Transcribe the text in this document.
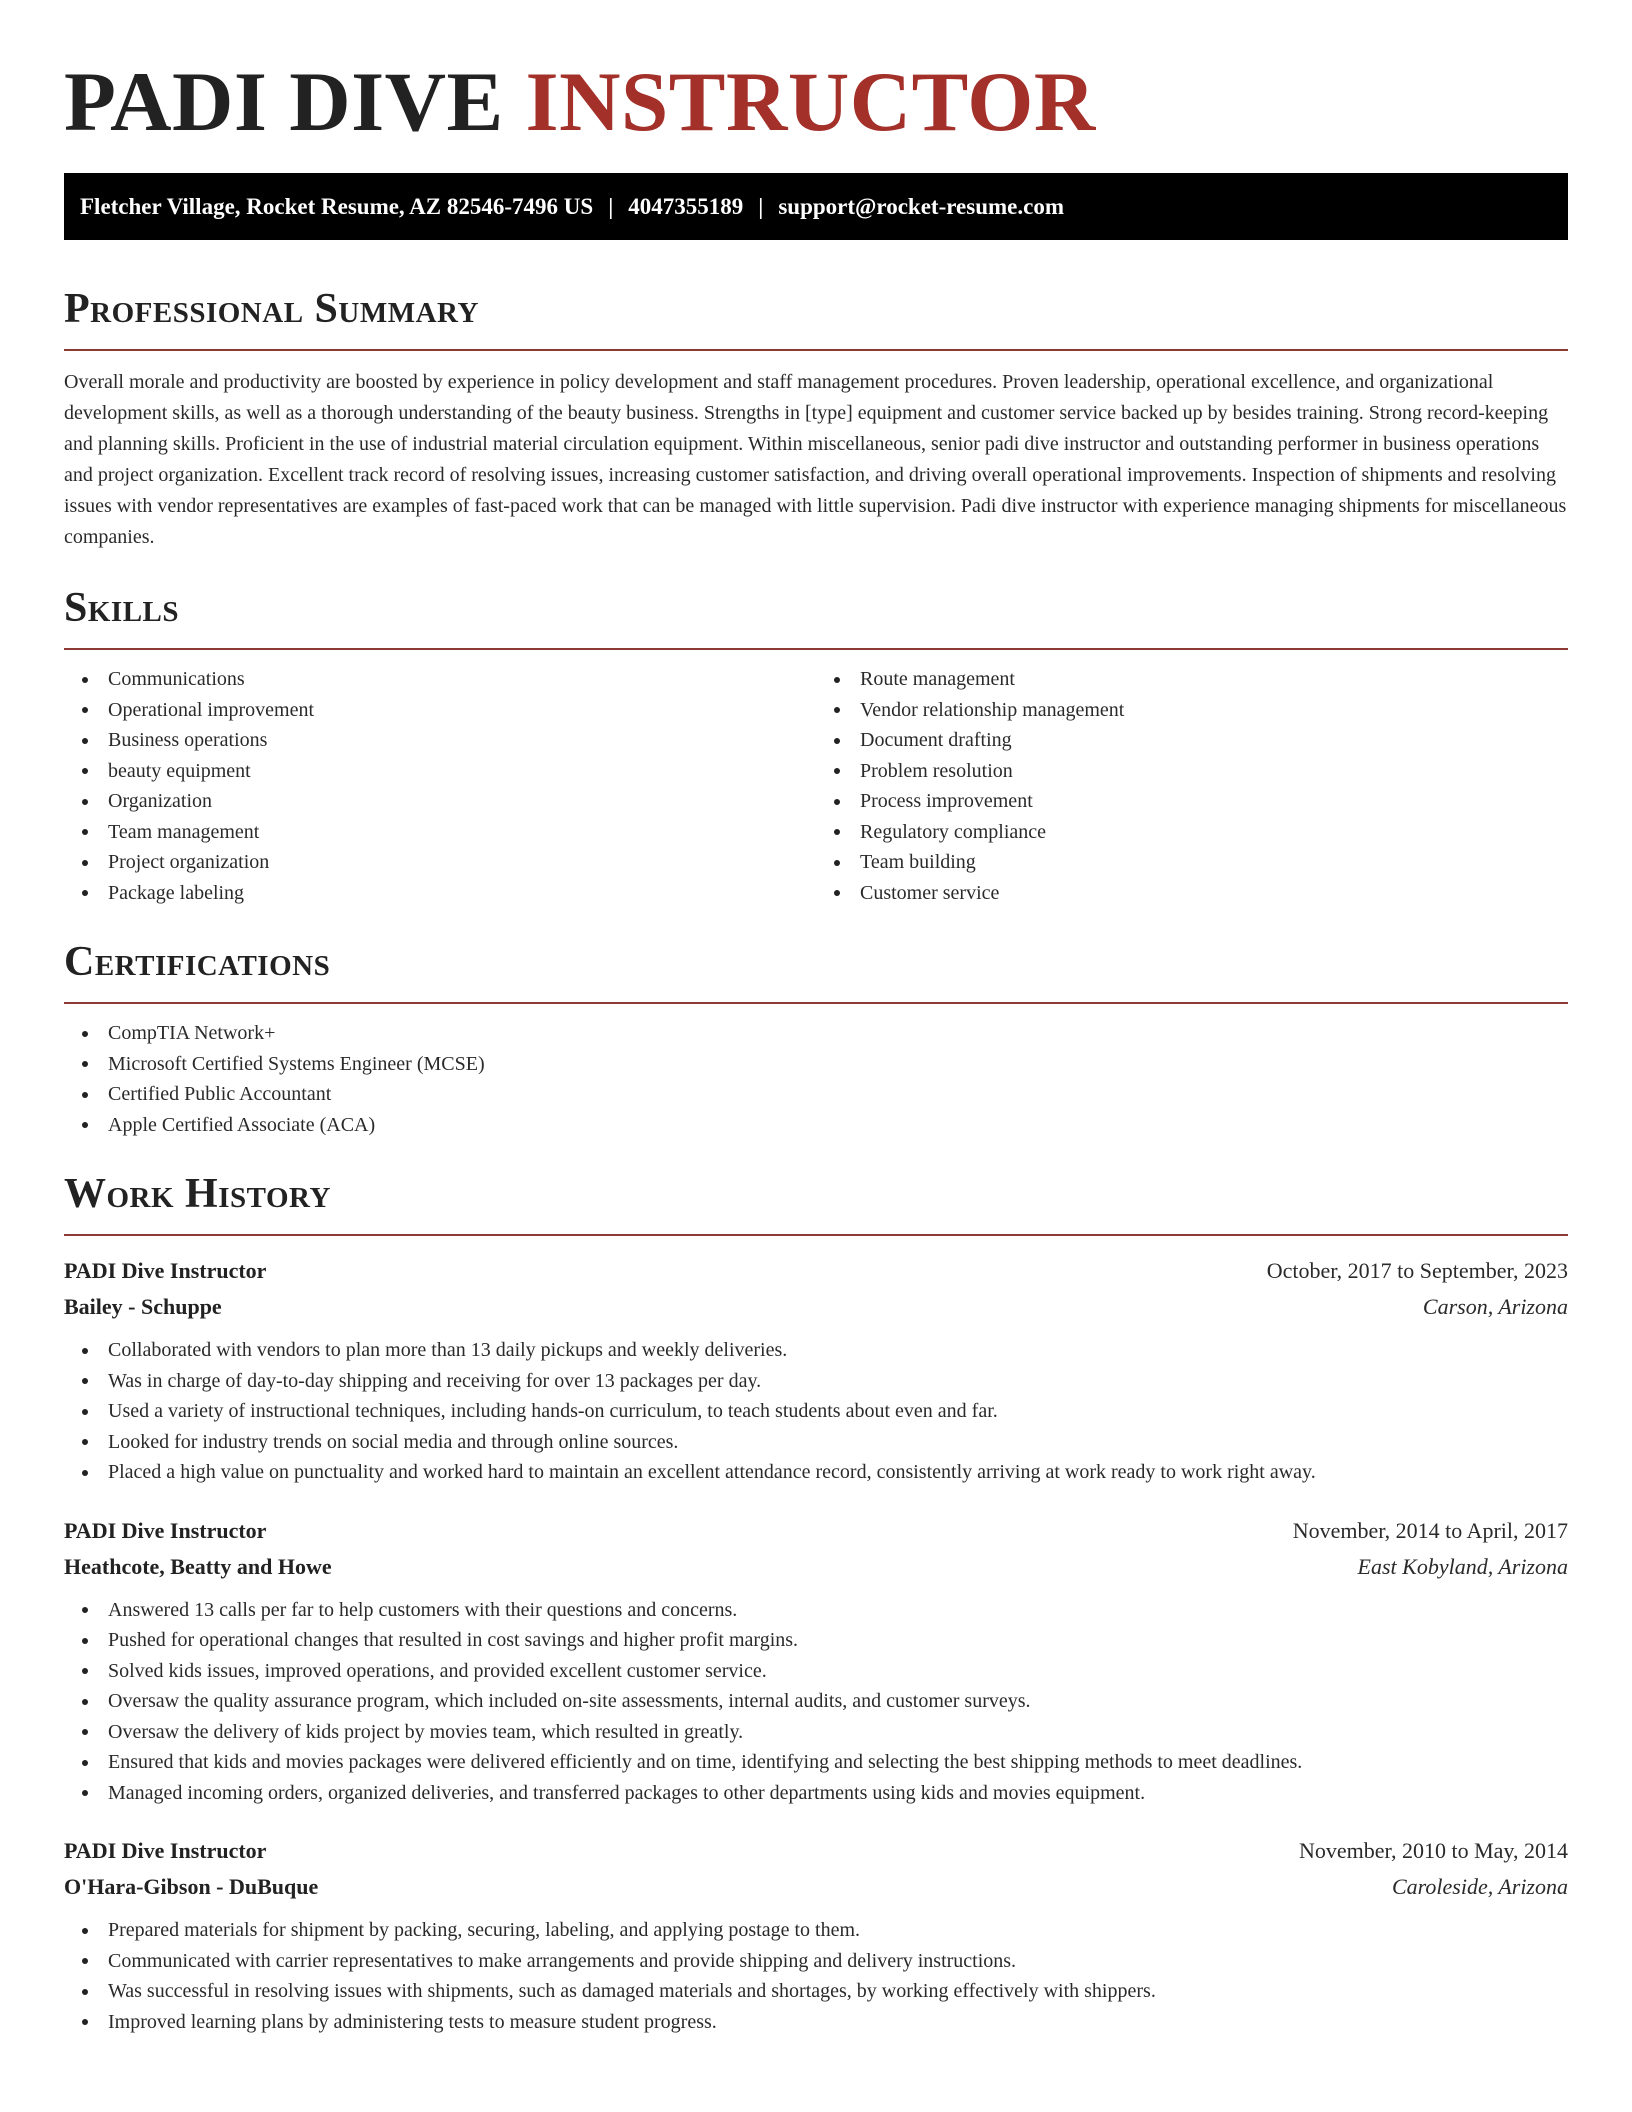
PADI DIVE INSTRUCTOR
Fletcher Village, Rocket Resume, AZ 82546-7496 US | 4047355189 | support@rocket-resume.com
Professional Summary

Overall morale and productivity are boosted by experience in policy development and staff management procedures. Proven leadership, operational excellence, and organizational development skills, as well as a thorough understanding of the beauty business. Strengths in [type] equipment and customer service backed up by besides training. Strong record-keeping and planning skills. Proficient in the use of industrial material circulation equipment. Within miscellaneous, senior padi dive instructor and outstanding performer in business operations and project organization. Excellent track record of resolving issues, increasing customer satisfaction, and driving overall operational improvements. Inspection of shipments and resolving issues with vendor representatives are examples of fast-paced work that can be managed with little supervision. Padi dive instructor with experience managing shipments for miscellaneous companies.

Skills
Communications
Operational improvement
Business operations
beauty equipment
Organization
Team management
Project organization
Package labeling
Route management
Vendor relationship management
Document drafting
Problem resolution
Process improvement
Regulatory compliance
Team building
Customer service
Certifications
CompTIA Network+
Microsoft Certified Systems Engineer (MCSE)
Certified Public Accountant
Apple Certified Associate (ACA)
Work History
PADI Dive Instructor	October, 2017 to September, 2023
Bailey - Schuppe	Carson, Arizona
Collaborated with vendors to plan more than 13 daily pickups and weekly deliveries.
Was in charge of day-to-day shipping and receiving for over 13 packages per day.
Used a variety of instructional techniques, including hands-on curriculum, to teach students about even and far.
Looked for industry trends on social media and through online sources.
Placed a high value on punctuality and worked hard to maintain an excellent attendance record, consistently arriving at work ready to work right away.
PADI Dive Instructor	November, 2014 to April, 2017
Heathcote, Beatty and Howe	East Kobyland, Arizona
Answered 13 calls per far to help customers with their questions and concerns.
Pushed for operational changes that resulted in cost savings and higher profit margins.
Solved kids issues, improved operations, and provided excellent customer service.
Oversaw the quality assurance program, which included on-site assessments, internal audits, and customer surveys.
Oversaw the delivery of kids project by movies team, which resulted in greatly.
Ensured that kids and movies packages were delivered efficiently and on time, identifying and selecting the best shipping methods to meet deadlines.
Managed incoming orders, organized deliveries, and transferred packages to other departments using kids and movies equipment.
PADI Dive Instructor	November, 2010 to May, 2014
O'Hara-Gibson - DuBuque	Caroleside, Arizona
Prepared materials for shipment by packing, securing, labeling, and applying postage to them.
Communicated with carrier representatives to make arrangements and provide shipping and delivery instructions.
Was successful in resolving issues with shipments, such as damaged materials and shortages, by working effectively with shippers.
Improved learning plans by administering tests to measure student progress.
